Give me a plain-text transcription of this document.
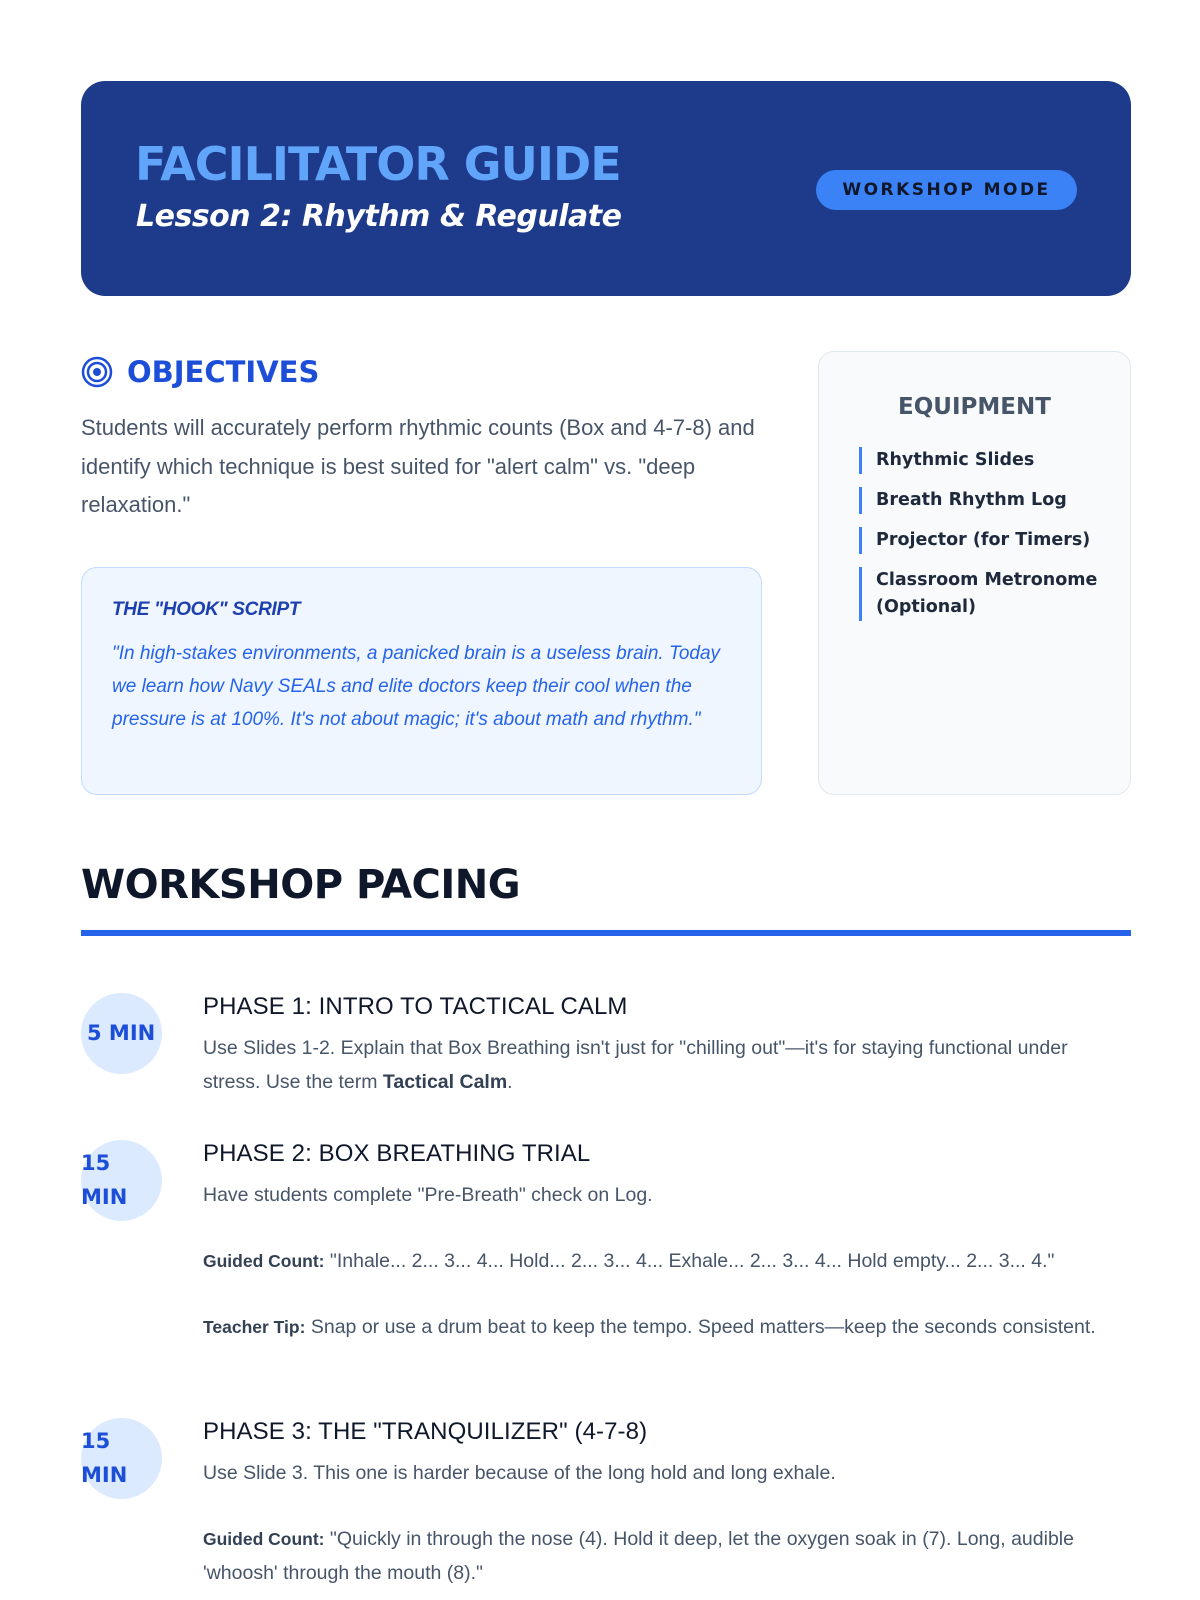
FACILITATOR GUIDE
Lesson 2: Rhythm & Regulate
WORKSHOP MODE
OBJECTIVES

Students will accurately perform rhythmic counts (Box and 4-7-8) and identify which technique is best suited for "alert calm" vs. "deep relaxation."

THE "HOOK" SCRIPT

"In high-stakes environments, a panicked brain is a useless brain. Today we learn how Navy SEALs and elite doctors keep their cool when the pressure is at 100%. It's not about magic; it's about math and rhythm."

EQUIPMENT
Rhythmic Slides
Breath Rhythm Log
Projector (for Timers)
Classroom Metronome (Optional)
WORKSHOP PACING
5 MIN
PHASE 1: INTRO TO TACTICAL CALM

Use Slides 1-2. Explain that Box Breathing isn't just for "chilling out"—it's for staying functional under stress. Use the term Tactical Calm.

15
MIN
PHASE 2: BOX BREATHING TRIAL

Have students complete "Pre-Breath" check on Log.

Guided Count: "Inhale... 2... 3... 4... Hold... 2... 3... 4... Exhale... 2... 3... 4... Hold empty... 2... 3... 4."

Teacher Tip: Snap or use a drum beat to keep the tempo. Speed matters—keep the seconds consistent.

15
MIN
PHASE 3: THE "TRANQUILIZER" (4-7-8)

Use Slide 3. This one is harder because of the long hold and long exhale.

Guided Count: "Quickly in through the nose (4). Hold it deep, let the oxygen soak in (7). Long, audible 'whoosh' through the mouth (8)."
